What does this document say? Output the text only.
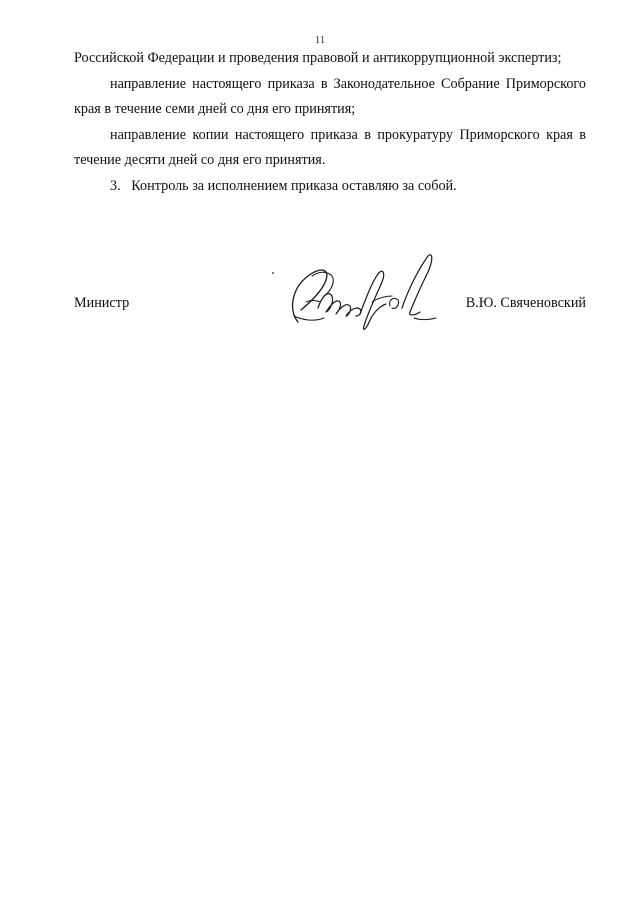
11

Российской Федерации и проведения правовой и антикоррупционной экспертиз;

направление настоящего приказа в Законодательное Собрание Приморского края в течение семи дней со дня его принятия;

направление копии настоящего приказа в прокуратуру Приморского края в течение десяти дней со дня его принятия.

3.   Контроль за исполнением приказа оставляю за собой.

Министр	В.Ю. Свяченовский
